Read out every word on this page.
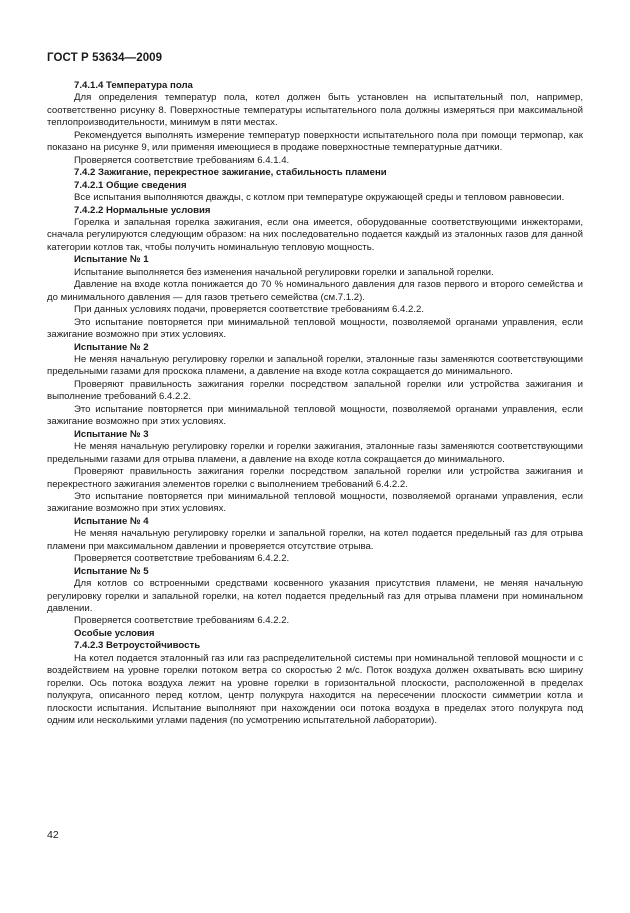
ГОСТ Р 53634—2009

7.4.1.4 Температура пола

Для определения температур пола, котел должен быть установлен на испытательный пол, например, соответственно рисунку 8. Поверхностные температуры испытательного пола должны измеряться при максимальной теплопроизводительности, минимум в пяти местах.

Рекомендуется выполнять измерение температур поверхности испытательного пола при помощи термопар, как показано на рисунке 9, или применяя имеющиеся в продаже поверхностные температурные датчики.

Проверяется соответствие требованиям 6.4.1.4.

7.4.2 Зажигание, перекрестное зажигание, стабильность пламени

7.4.2.1 Общие сведения

Все испытания выполняются дважды, с котлом при температуре окружающей среды и тепловом равновесии.

7.4.2.2 Нормальные условия

Горелка и запальная горелка зажигания, если она имеется, оборудованные соответствующими инжекторами, сначала регулируются следующим образом: на них последовательно подается каждый из эталонных газов для данной категории котлов так, чтобы получить номинальную тепловую мощность.

Испытание № 1

Испытание выполняется без изменения начальной регулировки горелки и запальной горелки.

Давление на входе котла понижается до 70 % номинального давления для газов первого и второго семейства и до минимального давления — для газов третьего семейства (см.7.1.2).

При данных условиях подачи, проверяется соответствие требованиям 6.4.2.2.

Это испытание повторяется при минимальной тепловой мощности, позволяемой органами управления, если зажигание возможно при этих условиях.

Испытание № 2

Не меняя начальную регулировку горелки и запальной горелки, эталонные газы заменяются соответствующими предельными газами для проскока пламени, а давление на входе котла сокращается до минимального.

Проверяют правильность зажигания горелки посредством запальной горелки или устройства зажигания и выполнение требований 6.4.2.2.

Это испытание повторяется при минимальной тепловой мощности, позволяемой органами управления, если зажигание возможно при этих условиях.

Испытание № 3

Не меняя начальную регулировку горелки и горелки зажигания, эталонные газы заменяются соответствующими предельными газами для отрыва пламени, а давление на входе котла сокращается до минимального.

Проверяют правильность зажигания горелки посредством запальной горелки или устройства зажигания и перекрестного зажигания элементов горелки с выполнением требований 6.4.2.2.

Это испытание повторяется при минимальной тепловой мощности, позволяемой органами управления, если зажигание возможно при этих условиях.

Испытание № 4

Не меняя начальную регулировку горелки и запальной горелки, на котел подается предельный газ для отрыва пламени при максимальном давлении и проверяется отсутствие отрыва.

Проверяется соответствие требованиям 6.4.2.2.

Испытание № 5

Для котлов со встроенными средствами косвенного указания присутствия пламени, не меняя начальную регулировку горелки и запальной горелки, на котел подается предельный газ для отрыва пламени при номинальном давлении.

Проверяется соответствие требованиям 6.4.2.2.

Особые условия

7.4.2.3 Ветроустойчивость

На котел подается эталонный газ или газ распределительной системы при номинальной тепловой мощности и с воздействием на уровне горелки потоком ветра со скоростью 2 м/с. Поток воздуха должен охватывать всю ширину горелки. Ось потока воздуха лежит на уровне горелки в горизонтальной плоскости, расположенной в пределах полукруга, описанного перед котлом, центр полукруга находится на пересечении плоскости симметрии котла и плоскости испытания. Испытание выполняют при нахождении оси потока воздуха в пределах этого полукруга под одним или несколькими углами падения (по усмотрению испытательной лаборатории).

42
